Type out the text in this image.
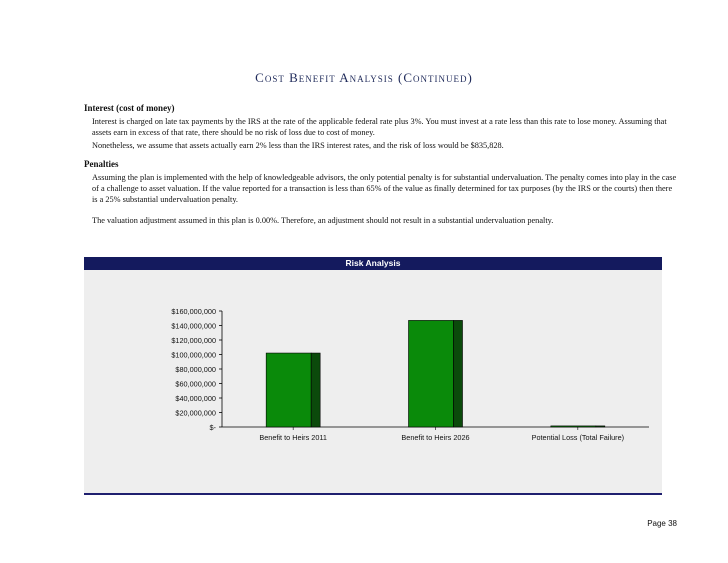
Cost Benefit Analysis (Continued)
Interest (cost of money)
Interest is charged on late tax payments by the IRS at the rate of the applicable federal rate plus 3%. You must invest at a rate less than this rate to lose money. Assuming that assets earn in excess of that rate, there should be no risk of loss due to cost of money.
Nonetheless, we assume that assets actually earn 2% less than the IRS interest rates, and the risk of loss would be $835,828.
Penalties
Assuming the plan is implemented with the help of knowledgeable advisors, the only potential penalty is for substantial undervaluation. The penalty comes into play in the case of a challenge to asset valuation. If the value reported for a transaction is less than 65% of the value as finally determined for tax purposes (by the IRS or the courts) then there is a 25% substantial undervaluation penalty.
The valuation adjustment assumed in this plan is 0.00%. Therefore, an adjustment should not result in a substantial undervaluation penalty.
Risk Analysis
$-
$20,000,000
$40,000,000
$60,000,000
$80,000,000
$100,000,000
$120,000,000
$140,000,000
$160,000,000
Benefit to Heirs 2011	Benefit to Heirs 2026	Potential Loss (Total Failure)
Page 38
